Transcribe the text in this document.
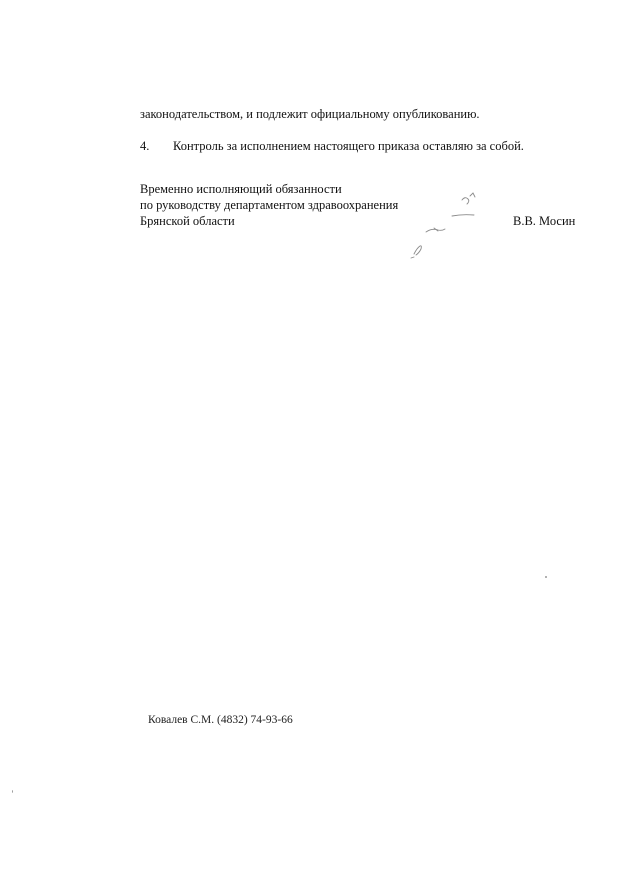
законодательством, и подлежит официальному опубликованию.
4. Контроль за исполнением настоящего приказа оставляю за собой.
Временно исполняющий обязанности
по руководству департаментом здравоохранения
Брянской области	В.В. Мосин
Ковалев С.М. (4832) 74-93-66
